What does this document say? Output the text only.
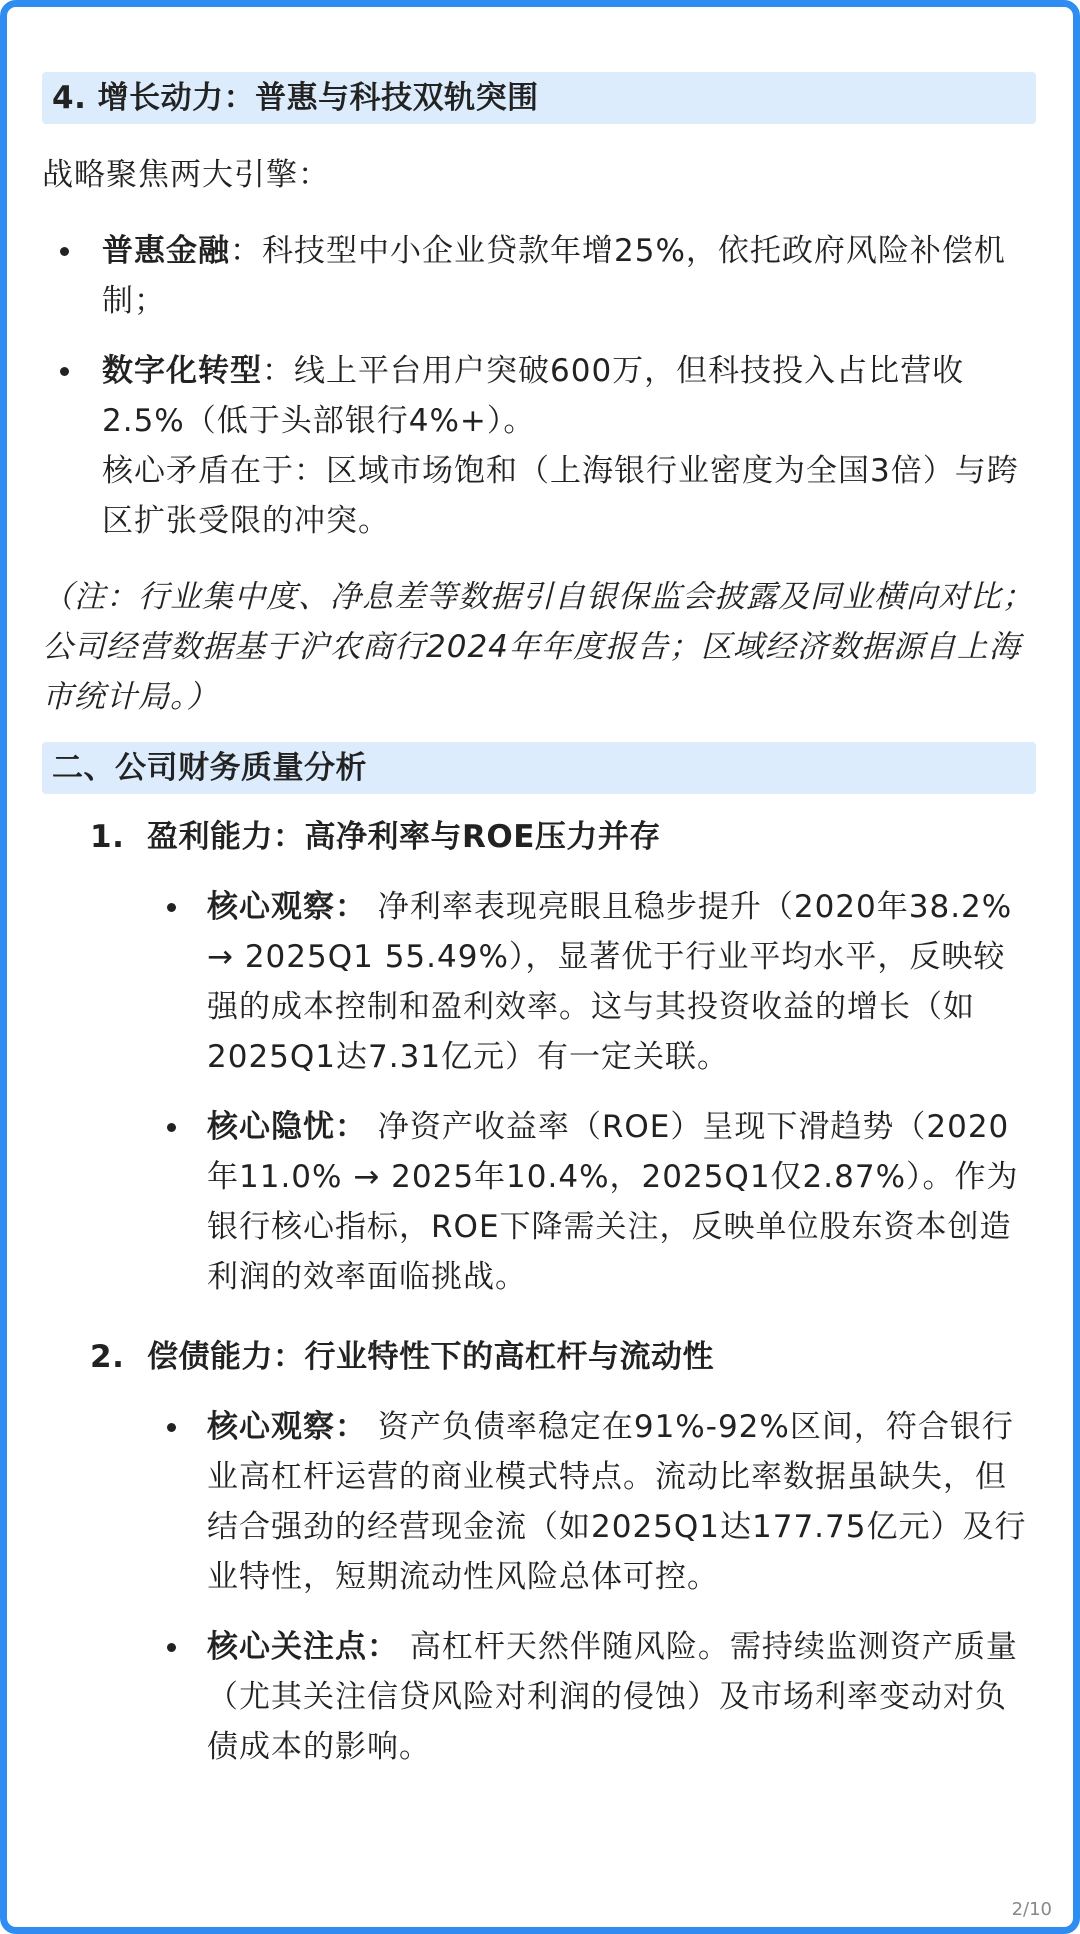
4. 增长动力：普惠与科技双轨突围
战略聚焦两大引擎：
普惠金融：科技型中小企业贷款年增25%，依托政府风险补偿机制；
数字化转型：线上平台用户突破600万，但科技投入占比营收2.5%（低于头部银行4%+）。
核心矛盾在于：区域市场饱和（上海银行业密度为全国3倍）与跨区扩张受限的冲突。
（注：行业集中度、净息差等数据引自银保监会披露及同业横向对比；公司经营数据基于沪农商行2024年年度报告；区域经济数据源自上海市统计局。）
二、公司财务质量分析
1. 盈利能力：高净利率与ROE压力并存
核心观察： 净利率表现亮眼且稳步提升（2020年38.2% → 2025Q1 55.49%），显著优于行业平均水平，反映较强的成本控制和盈利效率。这与其投资收益的增长（如2025Q1达7.31亿元）有一定关联。
核心隐忧： 净资产收益率（ROE）呈现下滑趋势（2020年11.0% → 2025年10.4%，2025Q1仅2.87%）。作为银行核心指标，ROE下降需关注，反映单位股东资本创造利润的效率面临挑战。
2. 偿债能力：行业特性下的高杠杆与流动性
核心观察： 资产负债率稳定在91%-92%区间，符合银行业高杠杆运营的商业模式特点。流动比率数据虽缺失，但结合强劲的经营现金流（如2025Q1达177.75亿元）及行业特性，短期流动性风险总体可控。
核心关注点： 高杠杆天然伴随风险。需持续监测资产质量（尤其关注信贷风险对利润的侵蚀）及市场利率变动对负债成本的影响。
2/10
